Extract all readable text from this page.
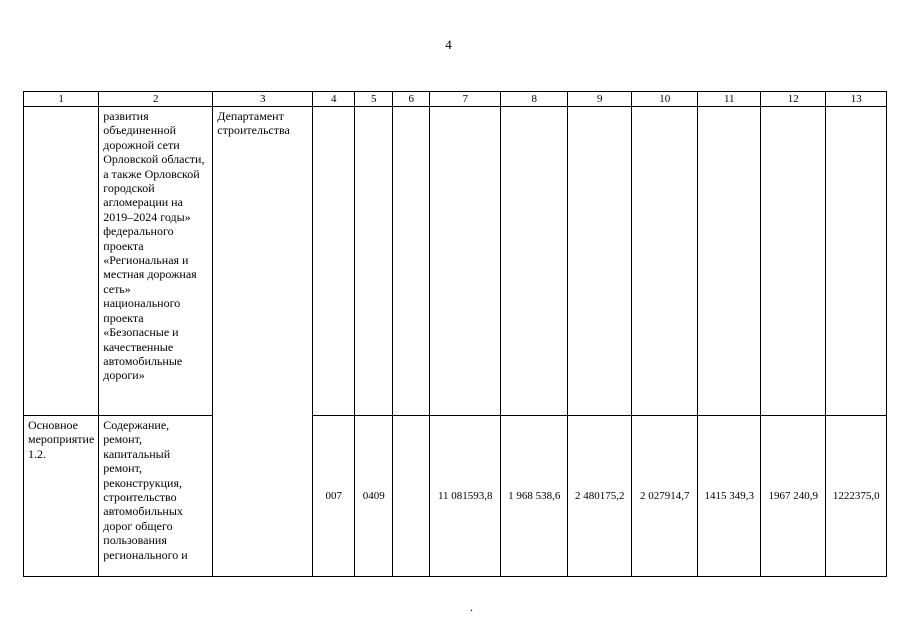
4
1	2	3	4	5	6	7	8	9	10	11	12	13

	развития объединенной дорожной сети Орловской области, а также Орловской городской агломерации на 2019–2024 годы» федерального проекта «Региональная и местная дорожная сеть» национального проекта «Безопасные и качественные автомобильные дороги»	Департамент строительства										

Основное мероприятие 1.2.	Содержание, ремонт, капитальный ремонт, реконструкция, строительство автомобильных дорог общего пользования регионального и		007	0409		11 081593,8	1 968 538,6	2 480175,2	2 027914,7	1415 349,3	1967 240,9	1222375,0
.
